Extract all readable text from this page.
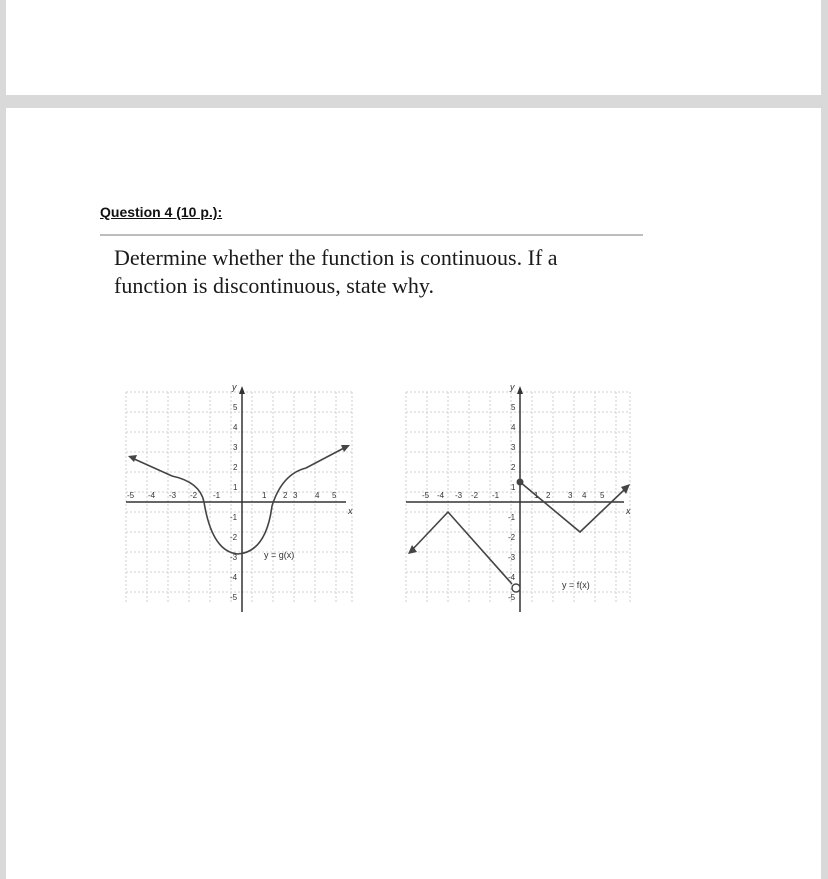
Question 4 (10 p.):
Determine whether the function is continuous. If a function is discontinuous, state why.
y
x
-5 -4 -3 -2 -1	1 2 3 4 5
5
4
3
2
1
-1
-2
-3
-4
-5
y = g(x)
y
x
-5 -4 -3 -2 -1	1 2 3 4 5
5
4
3
2
1
-1
-2
-3
-4
-5
y = f(x)
